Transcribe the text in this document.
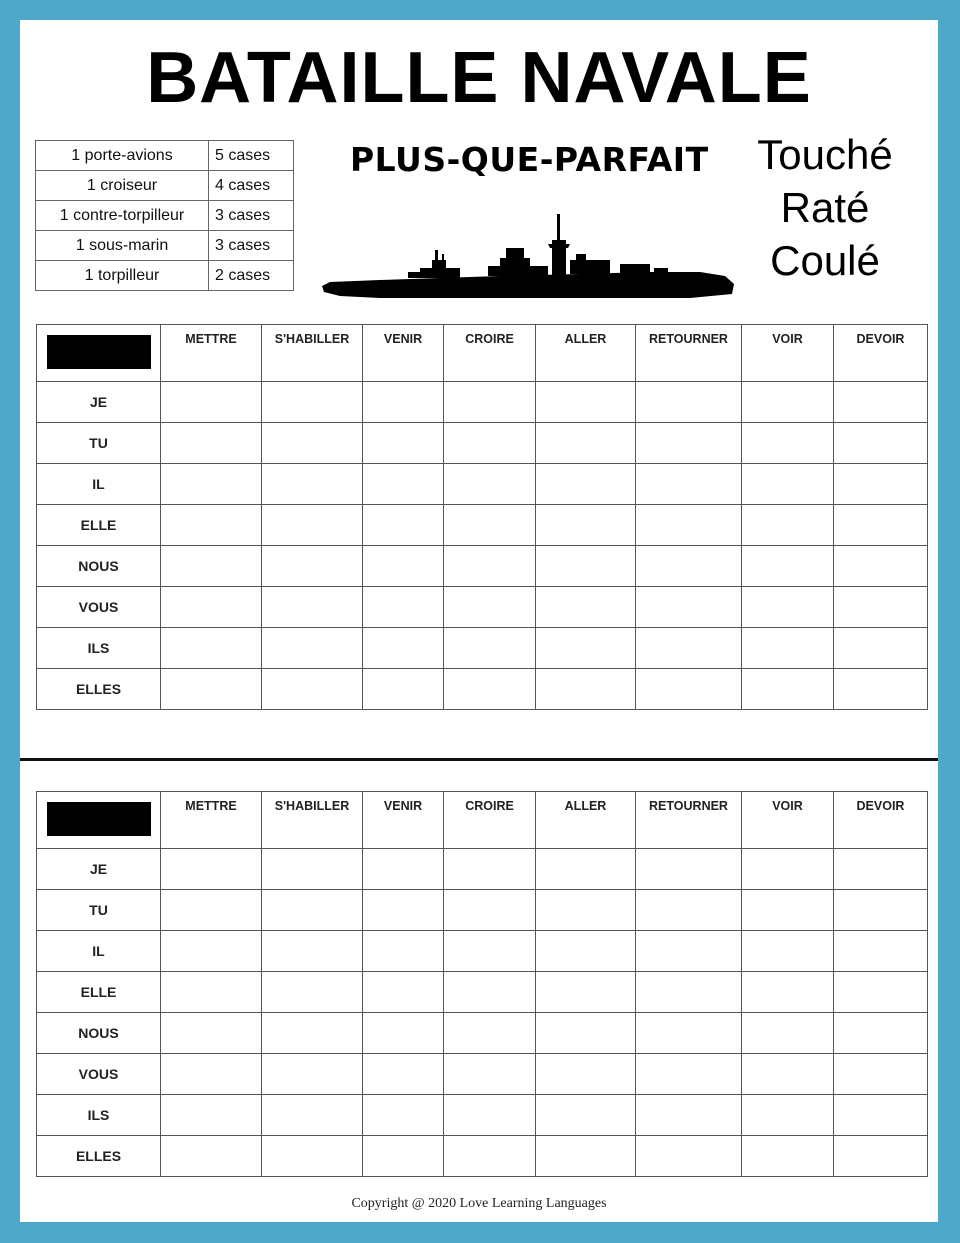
BATAILLE NAVALE
1 porte-avions	5 cases
1 croiseur	4 cases
1 contre-torpilleur	3 cases
1 sous-marin	3 cases
1 torpilleur	2 cases
PLUS-QUE-PARFAIT	Touché
Raté
Coulé

	METTRE	S'HABILLER	VENIR	CROIRE	ALLER	RETOURNER	VOIR	DEVOIR

JE								
TU								
IL								
ELLE								
NOUS								
VOUS								
ILS								
ELLES								

	METTRE	S'HABILLER	VENIR	CROIRE	ALLER	RETOURNER	VOIR	DEVOIR

JE								
TU								
IL								
ELLE								
NOUS								
VOUS								
ILS								
ELLES								
Copyright @ 2020 Love Learning Languages
